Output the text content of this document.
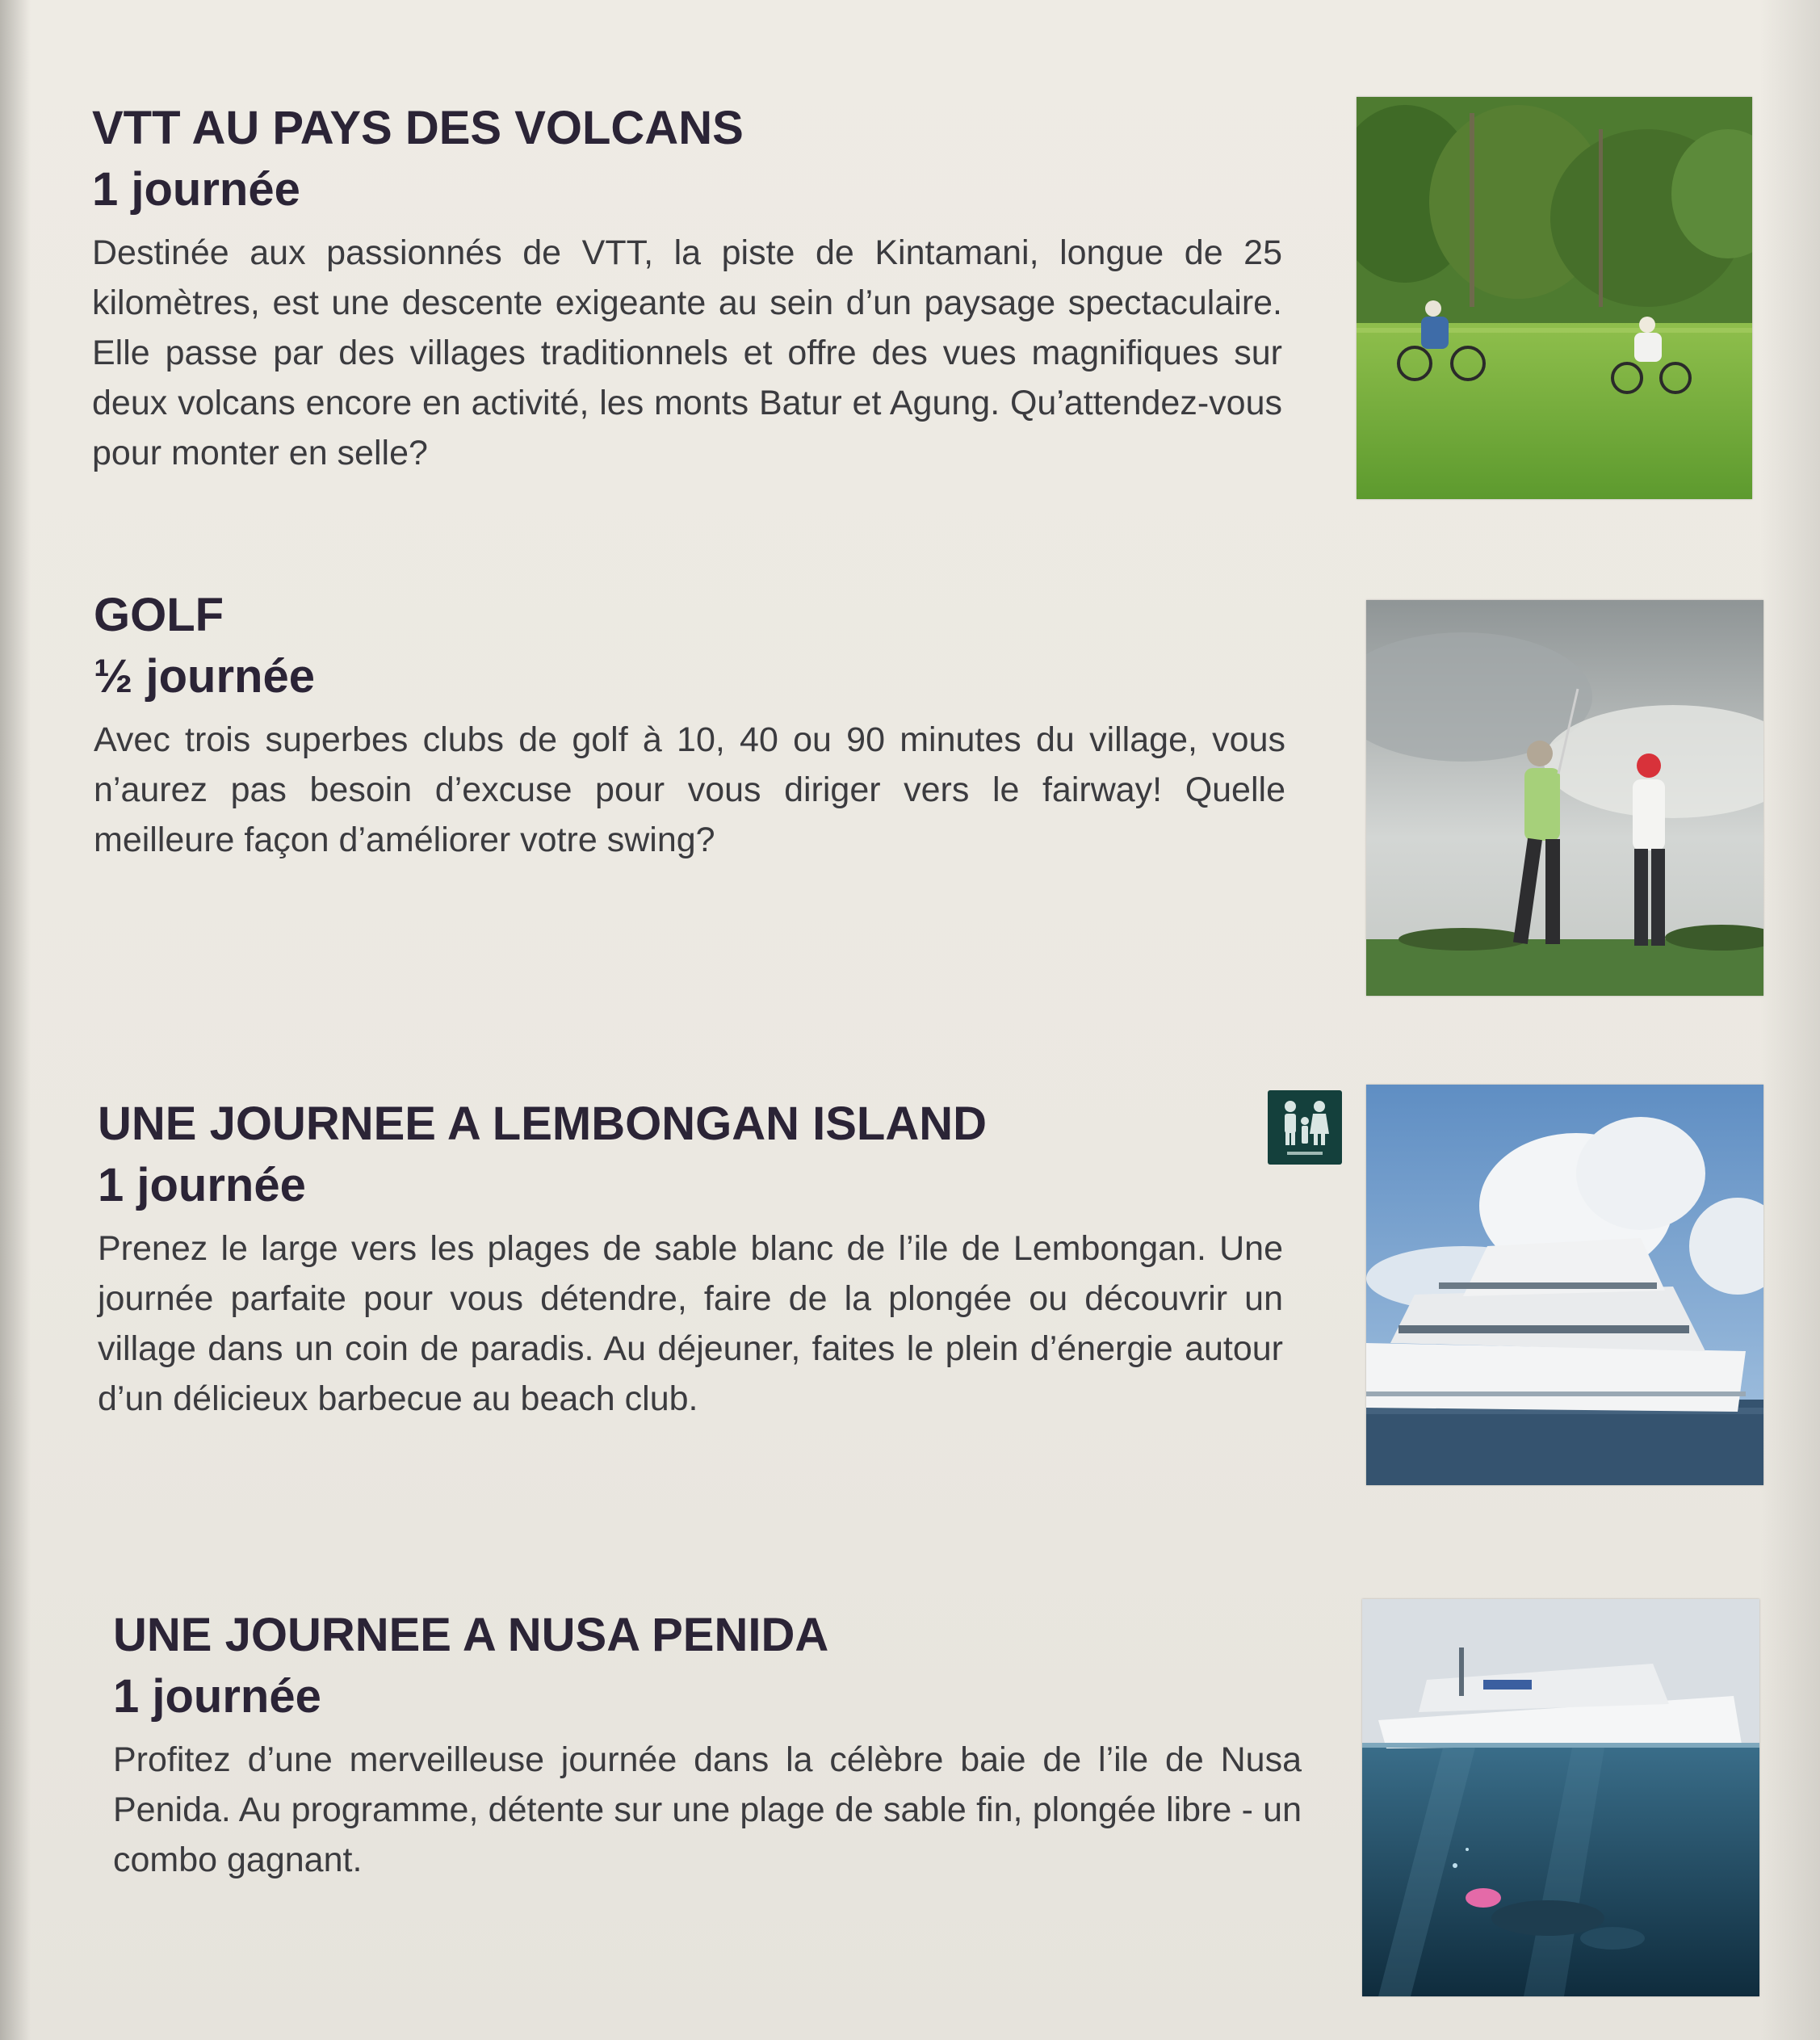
VTT AU PAYS DES VOLCANS
1 journée

Destinée aux passionnés de VTT, la piste de Kintamani, longue de 25 kilomètres, est une descente exigeante au sein d’un paysage spectaculaire. Elle passe par des villages traditionnels et offre des vues magnifiques sur deux volcans encore en activité, les monts Batur et Agung. Qu’attendez-vous pour monter en selle?

GOLF
½ journée

Avec trois superbes clubs de golf à 10, 40 ou 90 minutes du village, vous n’aurez pas besoin d’excuse pour vous diriger vers le fairway! Quelle meilleure façon d’améliorer votre swing?

UNE JOURNEE A LEMBONGAN ISLAND
1 journée

Prenez le large vers les plages de sable blanc de l’ile de Lembongan. Une journée parfaite pour vous détendre, faire de la plongée ou découvrir un village dans un coin de paradis. Au déjeuner, faites le plein d’énergie autour d’un délicieux barbecue au beach club.

UNE JOURNEE A NUSA PENIDA
1 journée

Profitez d’une merveilleuse journée dans la célèbre baie de l’ile de Nusa Penida. Au programme, détente sur une plage de sable fin, plongée libre - un combo gagnant.
